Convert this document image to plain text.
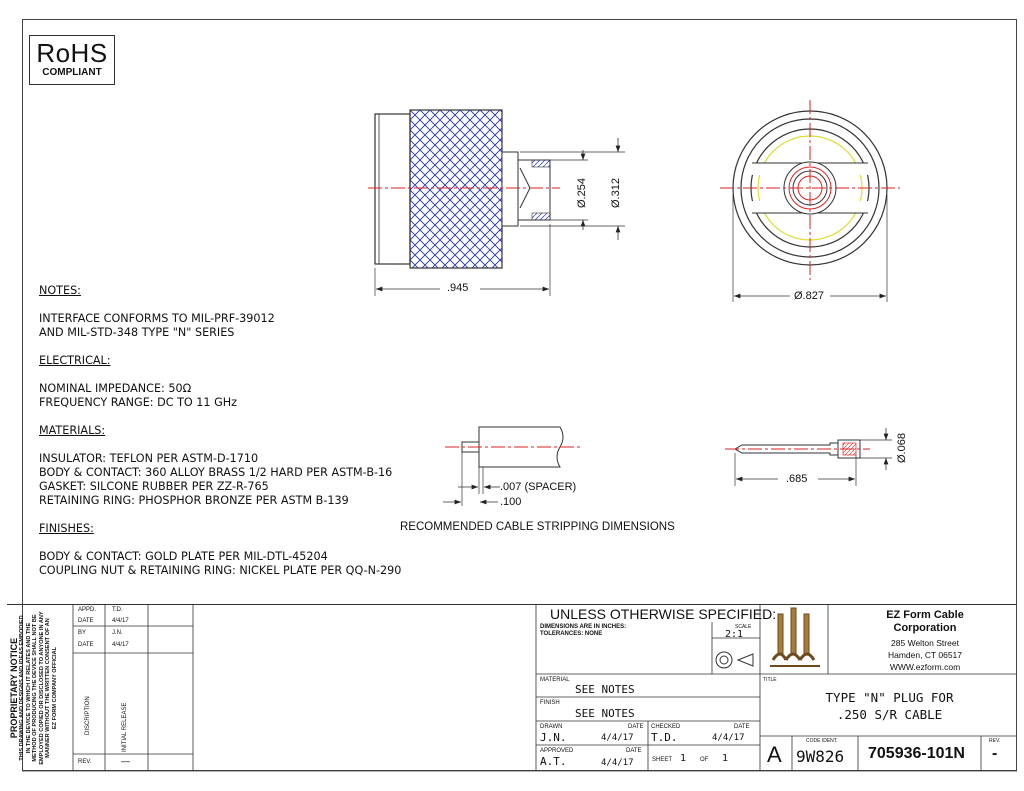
RoHS
COMPLIANT
Ø.254 Ø.312
.945
Ø.827
Ø.068
.685
.007 (SPACER)
.100
RECOMMENDED CABLE STRIPPING DIMENSIONS

NOTES:

INTERFACE CONFORMS TO MIL-PRF-39012

AND MIL-STD-348 TYPE "N" SERIES

ELECTRICAL:

NOMINAL IMPEDANCE: 50Ω

FREQUENCY RANGE: DC TO 11 GHz

MATERIALS:

INSULATOR: TEFLON PER ASTM-D-1710

BODY & CONTACT: 360 ALLOY BRASS 1/2 HARD PER ASTM-B-16

GASKET: SILCONE RUBBER PER ZZ-R-765

RETAINING RING: PHOSPHOR BRONZE PER ASTM B-139

FINISHES:

BODY & CONTACT: GOLD PLATE PER MIL-DTL-45204

COUPLING NUT & RETAINING RING: NICKEL PLATE PER QQ-N-290

PROPRIETARY NOTICE THIS DRAWING AND DESIGNS AND IDEAS EMBODIED IN THE DEVICE TO WHICH IT RELATES AND THE METHOD OF PRODUCING THE DEVICE SHALL NOT BE EMPLOYED COPIED OR DISCLOSED TO ANYONE IN ANY MANNER WITHOUT THE WRITTEN CONSENT OF AN EZ FORM COMPANY OFFICIAL
APPD.	T.D.
DATE	4/4/17
BY	J.N.
DATE	4/4/17
DISCRIPTION	INITIAL RELEASE
REV.	—
UNLESS OTHERWISE SPECIFIED:
DIMENSIONS ARE IN INCHES:
TOLERANCES: NONE
SCALE
2:1
MATERIAL
SEE NOTES
FINISH
SEE NOTES
DRAWN	DATE
J.N.	4/4/17
CHECKED	DATE
T.D.	4/4/17
APPROVED	DATE
A.T.	4/4/17	SHEET 1 OF 1
EZ Form Cable
Corporation
285 Welton Street
Hamden, CT 06517
WWW.ezform.com
TITLE
TYPE "N" PLUG FOR
.250 S/R CABLE
A
CODE IDENT.
9W826 705936-101N
REV.
-
